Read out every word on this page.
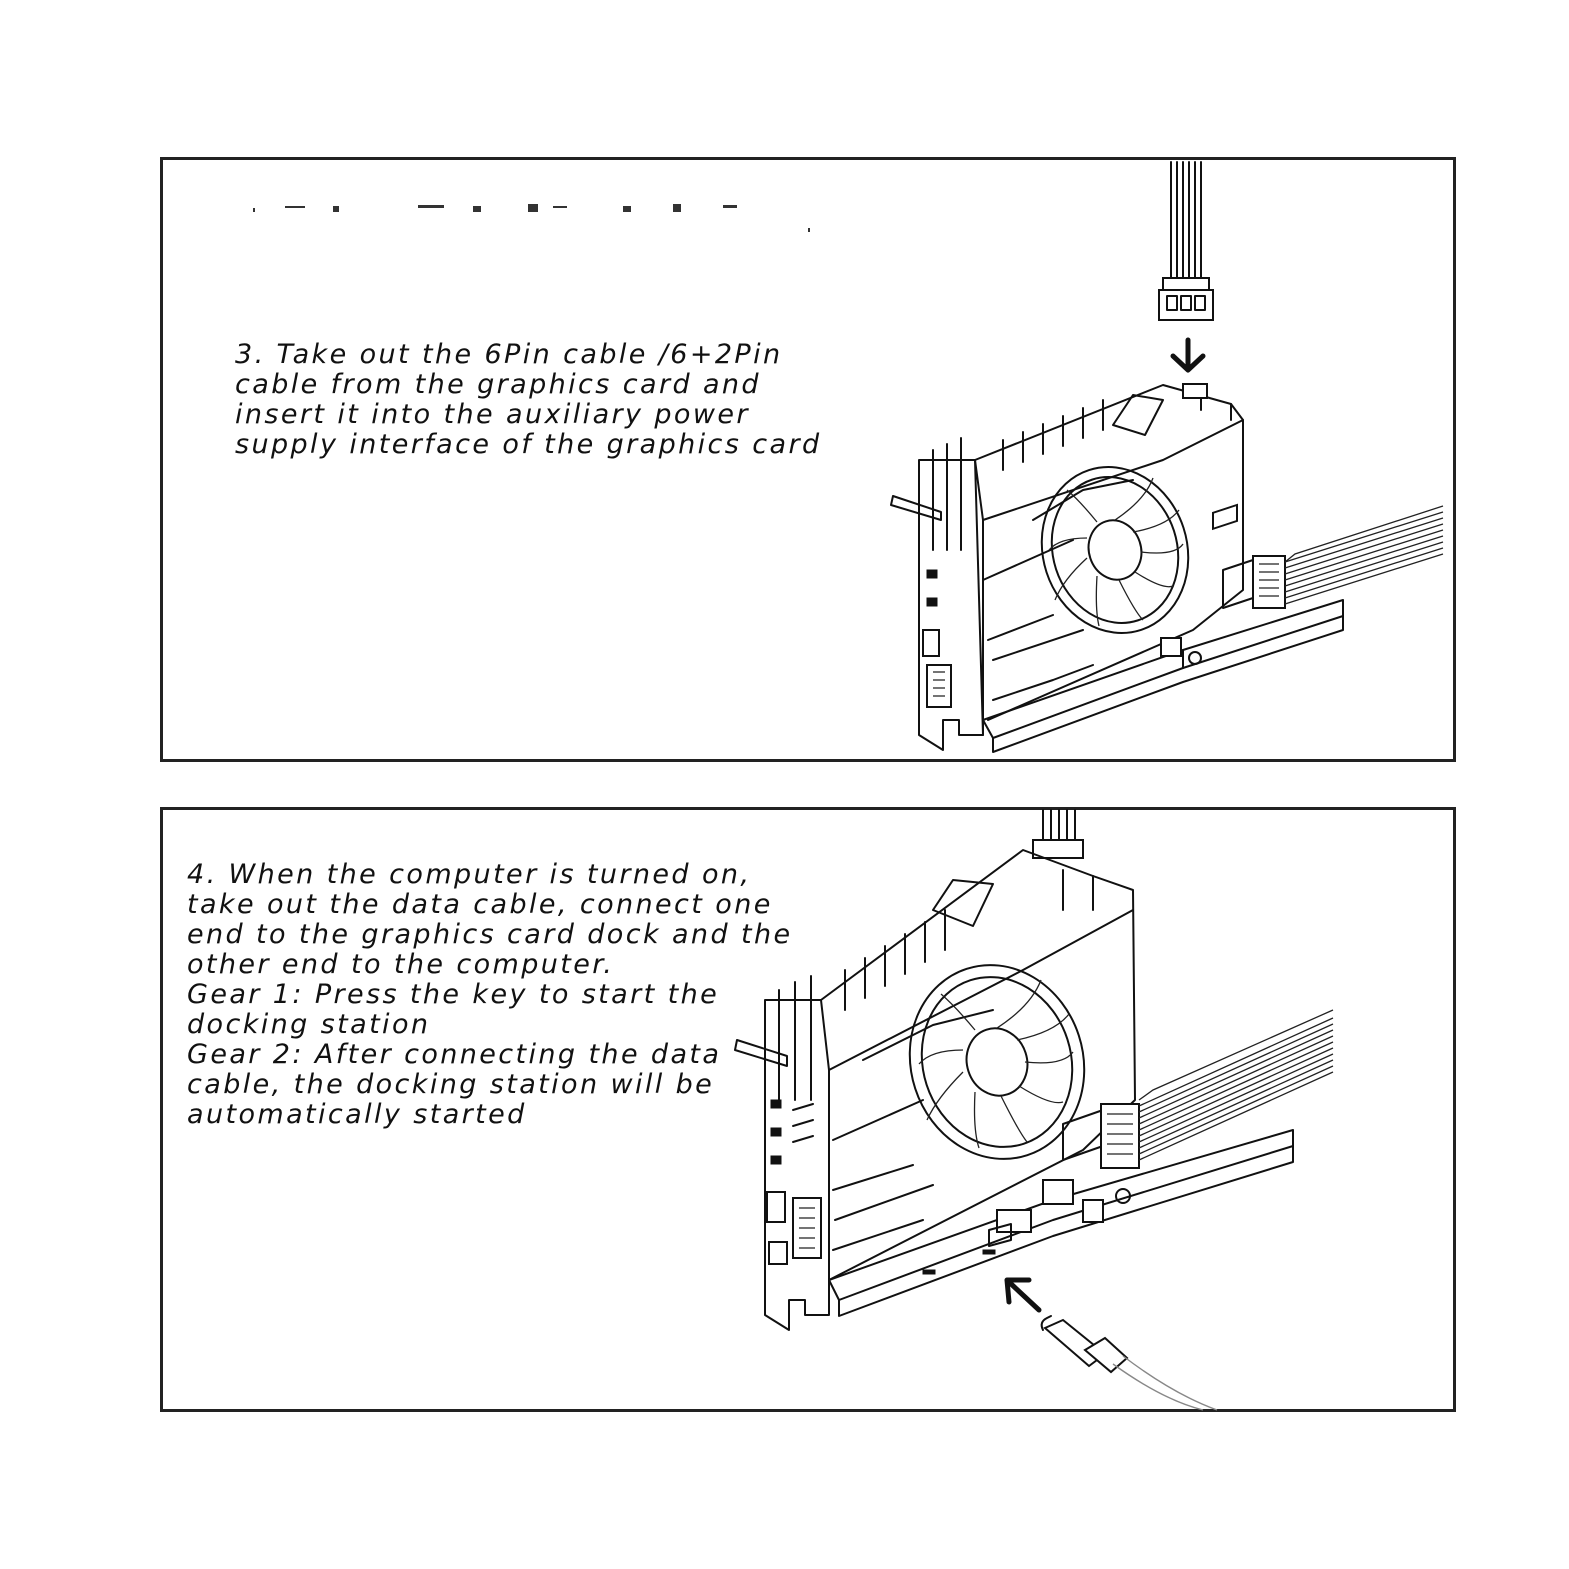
3. Take out the 6Pin cable /6+2Pin
cable from the graphics card and
insert it into the auxiliary power
supply interface of the graphics card
4. When the computer is turned on,
take out the data cable, connect one
end to the graphics card dock and the
other end to the computer.
Gear 1: Press the key to start the
docking station
Gear 2: After connecting the data
cable, the docking station will be
automatically started
